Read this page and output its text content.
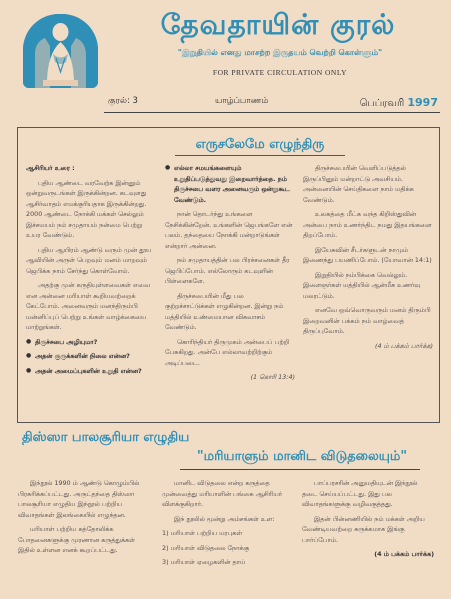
தேவதாயின் குரல்
"இறுதியில் எனது மாசற்ற இருதயம் வெற்றி கொள்ளும்"
FOR PRIVATE CIRCULATION ONLY
குரல்: 3	யாழ்ப்பாணம்	பெப்ரவரி 1997
எருசலேமே எழுந்திரு

ஆசிரியர் உரை :

புதிய ஆண்டை வரவேற்க இன்னும் ஒன்றுவருடங்கள் இருக்கின்றன. கடவுளது ஆசிர்வாதம் எமக்குரியதாக இருக்கின்றது. 2000 ஆண்டை நோக்கி மக்கள் செல்லும் இச்சமயம் நம் சமுதாயம் நன்மை பெற்று உயர வேண்டும்.

புதிய ஆயிரம் ஆண்டு வரும் முன் தூய ஆவியின் அருள் பெறவும் மனம் மாறவும் ஜெபிக்க நாம் சேர்ந்து கொள்வோம்.

அதற்கு முன் கருதியுள்ளவைகள் எவை என அன்னை மரியாள் கூறியவற்றைக் கேட்போம். அனைவரும் மனந்திரும்பி மன்னிப்புப் பெற்று உங்கள் வாழ்க்கையை மாற்றுங்கள்.

● திருச்சபை அழியுமா?

● அதன் குருக்களின் நிலை என்ன?

● அதன் அமைப்புகளின் உறுதி என்ன?

● எல்லா சமயங்களையும் உறுதிப்படுத்துவது இறைவார்த்தை. நம் திருச்சபை வளர அனைவரும் ஒன்றுகூட வேண்டும்.

நான் தொடர்ந்து உங்களை நேசிக்கின்றேன். உங்களின் ஜெபங்களே என் பலம். தந்தையை நோக்கி மன்றாடுங்கள் என்றார் அன்னை.

நம் சமுதாயத்தின் பல பிரச்சனைகள் தீர ஜெபிப்போம். எல்லோரும் கடவுளின் பிள்ளைகளே.

திருச்சபையின் மீது பல குற்றச்சாட்டுக்கள் எழுகின்றன. இன்று நம் மத்தியில் உண்மையான விசுவாசம் வேண்டும்.

கொரிந்தியர் திருமுகம் அன்பைப் பற்றி பேசுகிறது. அன்பே எல்லாவற்றிற்கும் அடிப்படை.

(1 கொரி 13:4)

திருச்சபையின் வெளிப்படுத்தல் இருப்பினும் மன்றாட்டு அவசியம். அன்னையின் செய்திகளை நாம் மதிக்க வேண்டும்.

உலகத்தை மீட்க வந்த கிறிஸ்துவின் அன்பை நாம் உணர்ந்திட நமது இதயங்களை திறப்போம்.

இயேசுவின் சீடர்களுடன் நாமும் இணைந்து பயணிப்போம். (யோவான் 14:1)

இறுதியில் நம்பிக்கை வெல்லும். இளைஞர்கள் மத்தியில் ஆன்மீக உணர்வு மலரட்டும்.

எனவே ஒவ்வொருவரும் மனம் திரும்பி இறைவனின் பக்கம் நம் வாழ்வைத் திருப்புவோம்.

(4 ம் பக்கம் பார்க்க)

திஸ்ஸா பாலசூரியா எழுதிய
"மரியாளும் மானிட விடுதலையும்"

இந்நூல் 1990 ம் ஆண்டு கொழும்பில் பிரசுரிக்கப்பட்டது. அருட்தந்தை திஸ்ஸா பாலசூரியா எழுதிய இந்நூல் பற்றிய விவாதங்கள் இலங்கையில் எழுந்தன.

மரியாள் பற்றிய கத்தோலிக்க போதனைகளுக்கு முரணான கருத்துக்கள் இதில் உள்ளன எனக் கூறப்பட்டது.

மானிட விடுதலை என்ற கருத்தை முன்வைத்து மரியாளின் பங்கை ஆசிரியர் விளக்குகிறார்.

இந் நூலில் மூன்று அம்சங்கள் உள:

1) மரியாள் பற்றிய மரபுகள்

2) மரியாள் விடுதலை நோக்கு

3) மரியாள் ஏழைகளின் தாய்

பாப்பரசரின் அனுமதியுடன் இந்நூல் தடை செய்யப்பட்டது. இது பல விவாதங்களுக்கு வழிவகுத்தது.

இதன் பின்னணியில் நம் மக்கள் அறிய வேண்டியவற்றை சுருக்கமாக இங்கு பார்ப்போம்.

(4 ம் பக்கம் பார்க்க)
